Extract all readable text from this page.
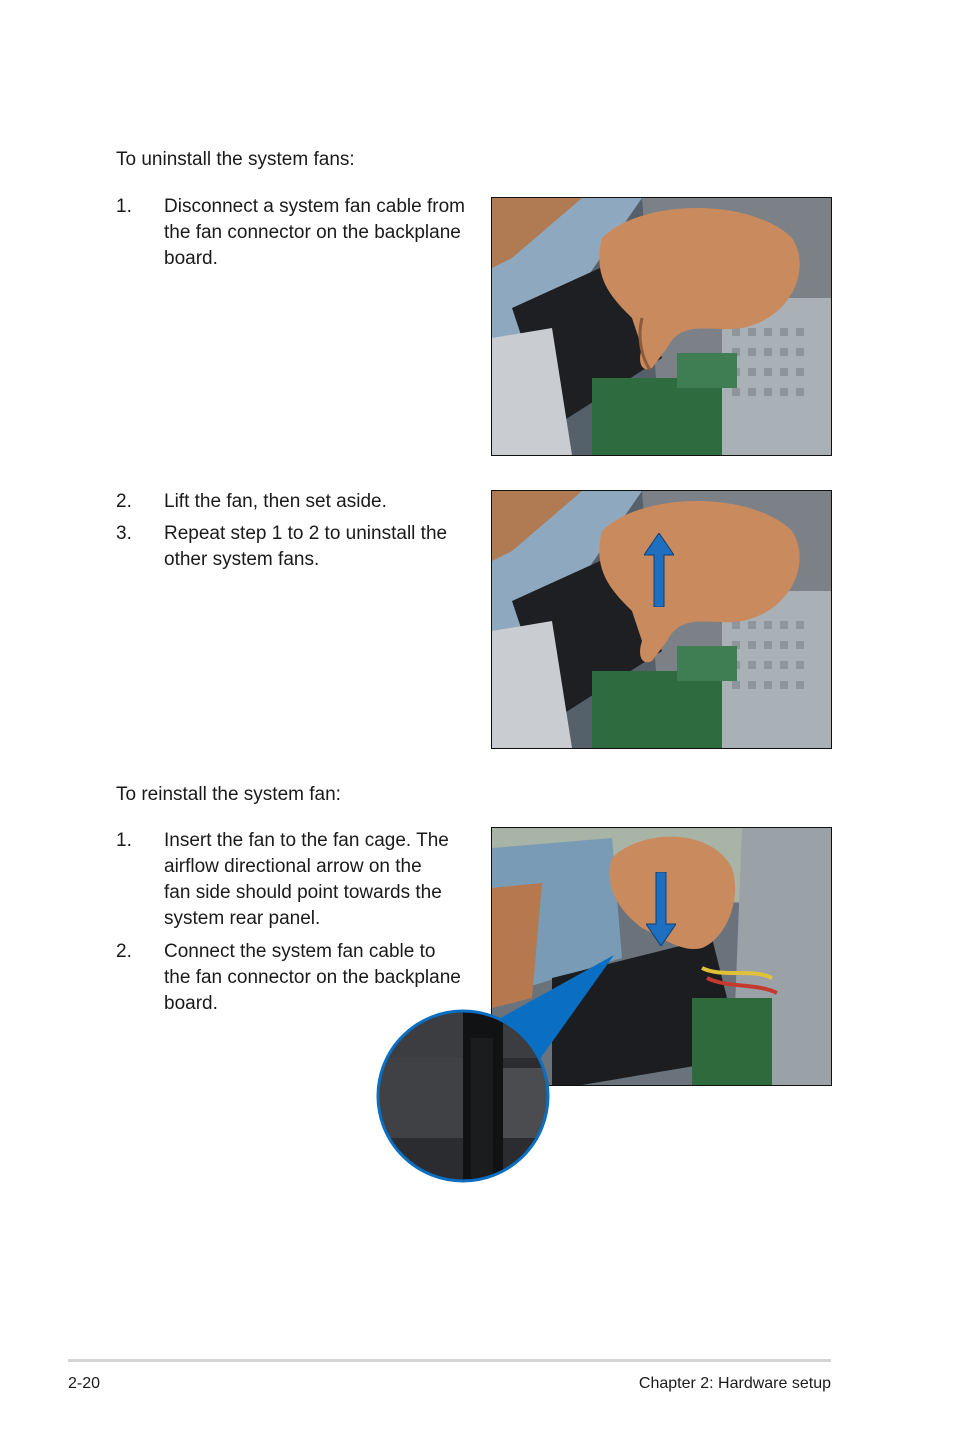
To uninstall the system fans:
1. Disconnect a system fan cable from
the fan connector on the backplane
board.
2. Lift the fan, then set aside.
3. Repeat step 1 to 2 to uninstall the
other system fans.
To reinstall the system fan:
1. Insert the fan to the fan cage. The
airflow directional arrow on the
fan side should point towards the
system rear panel.
2. Connect the system fan cable to
the fan connector on the backplane
board.
2-20	Chapter 2: Hardware setup
